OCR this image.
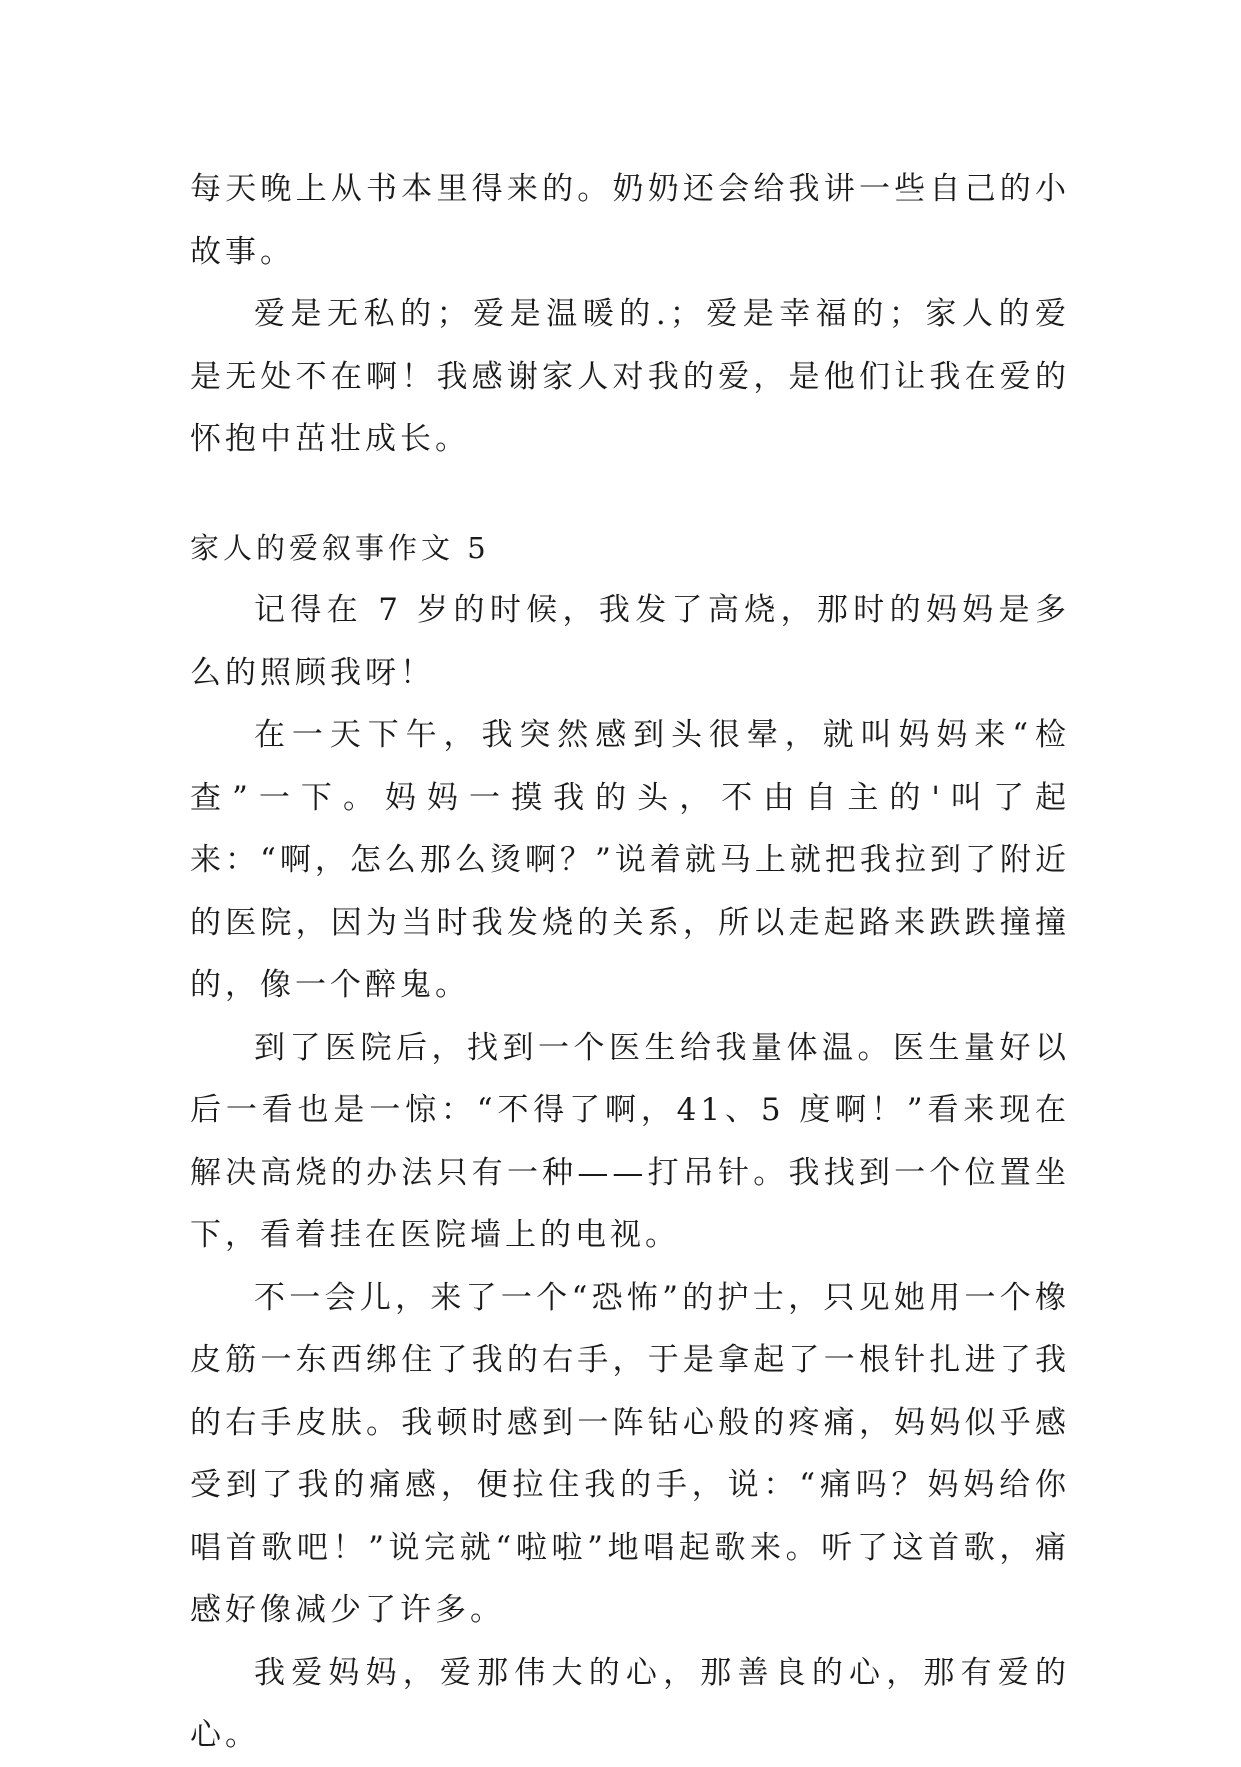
每天晚上从书本里得来的。奶奶还会给我讲一些自己的小故事。

爱是无私的；爱是温暖的.；爱是幸福的；家人的爱是无处不在啊！我感谢家人对我的爱，是他们让我在爱的怀抱中茁壮成长。

家人的爱叙事作文 5

记得在 7 岁的时候，我发了高烧，那时的妈妈是多么的照顾我呀！

在一天下午，我突然感到头很晕，就叫妈妈来“检查”一下。妈妈一摸我的头，不由自主的'叫了起来：“啊，怎么那么烫啊？”说着就马上就把我拉到了附近的医院，因为当时我发烧的关系，所以走起路来跌跌撞撞的，像一个醉鬼。

到了医院后，找到一个医生给我量体温。医生量好以后一看也是一惊：“不得了啊，41、5 度啊！”看来现在解决高烧的办法只有一种——打吊针。我找到一个位置坐下，看着挂在医院墙上的电视。

不一会儿，来了一个“恐怖”的护士，只见她用一个橡皮筋一东西绑住了我的右手，于是拿起了一根针扎进了我的右手皮肤。我顿时感到一阵钻心般的疼痛，妈妈似乎感受到了我的痛感，便拉住我的手，说：“痛吗？妈妈给你唱首歌吧！”说完就“啦啦”地唱起歌来。听了这首歌，痛感好像减少了许多。

我爱妈妈，爱那伟大的心，那善良的心，那有爱的心。
